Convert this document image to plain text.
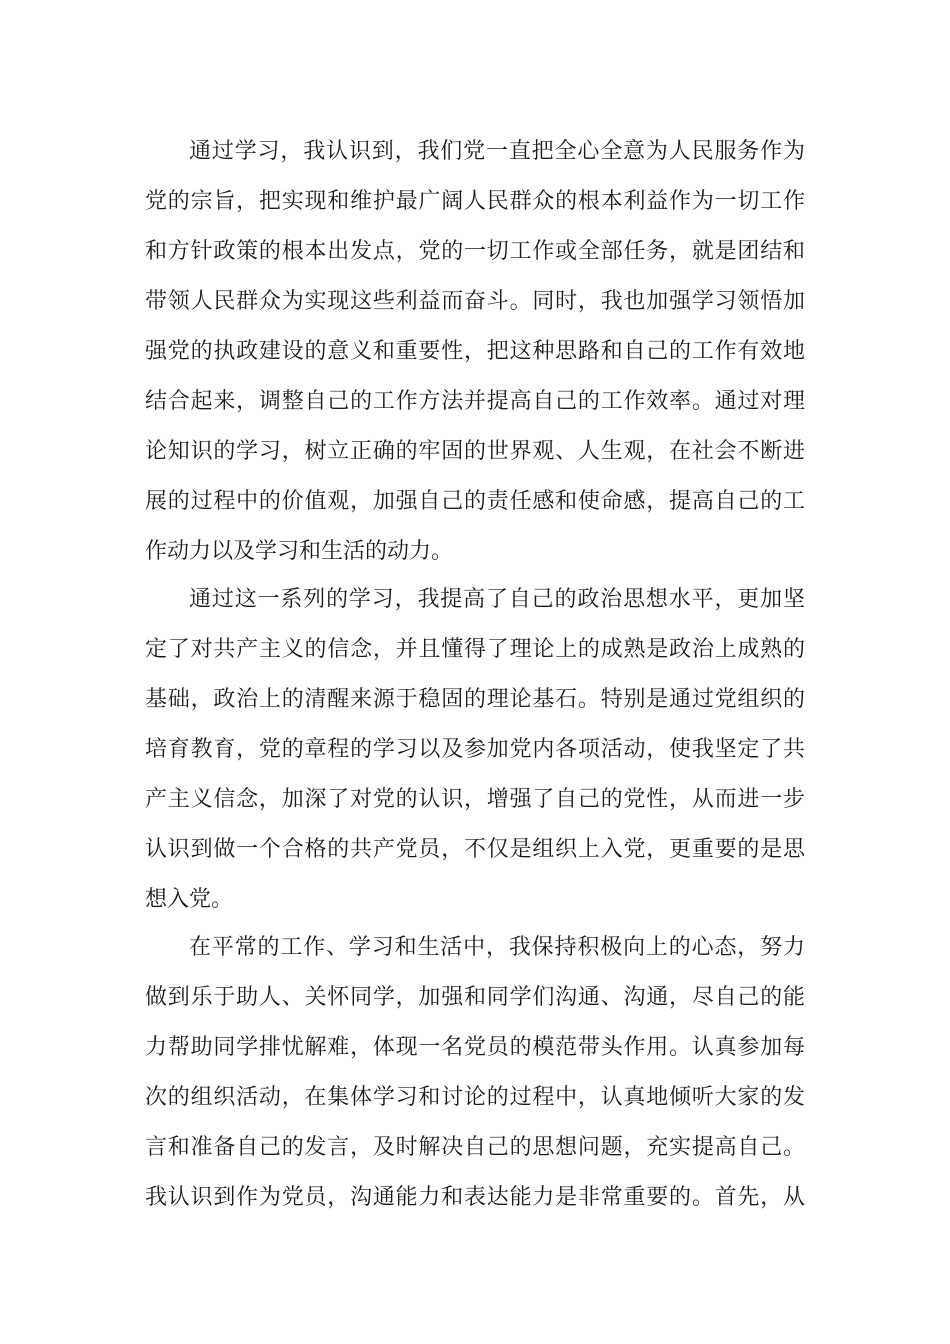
通过学习，我认识到，我们党一直把全心全意为人民服务作为
党的宗旨，把实现和维护最广阔人民群众的根本利益作为一切工作
和方针政策的根本出发点，党的一切工作或全部任务，就是团结和
带领人民群众为实现这些利益而奋斗。同时，我也加强学习领悟加
强党的执政建设的意义和重要性，把这种思路和自己的工作有效地
结合起来，调整自己的工作方法并提高自己的工作效率。通过对理
论知识的学习，树立正确的牢固的世界观、人生观，在社会不断进
展的过程中的价值观，加强自己的责任感和使命感，提高自己的工
作动力以及学习和生活的动力。
通过这一系列的学习，我提高了自己的政治思想水平，更加坚
定了对共产主义的信念，并且懂得了理论上的成熟是政治上成熟的
基础，政治上的清醒来源于稳固的理论基石。特别是通过党组织的
培育教育，党的章程的学习以及参加党内各项活动，使我坚定了共
产主义信念，加深了对党的认识，增强了自己的党性，从而进一步
认识到做一个合格的共产党员，不仅是组织上入党，更重要的是思
想入党。
在平常的工作、学习和生活中，我保持积极向上的心态，努力
做到乐于助人、关怀同学，加强和同学们沟通、沟通，尽自己的能
力帮助同学排忧解难，体现一名党员的模范带头作用。认真参加每
次的组织活动，在集体学习和讨论的过程中，认真地倾听大家的发
言和准备自己的发言，及时解决自己的思想问题，充实提高自己。
我认识到作为党员，沟通能力和表达能力是非常重要的。首先，从
